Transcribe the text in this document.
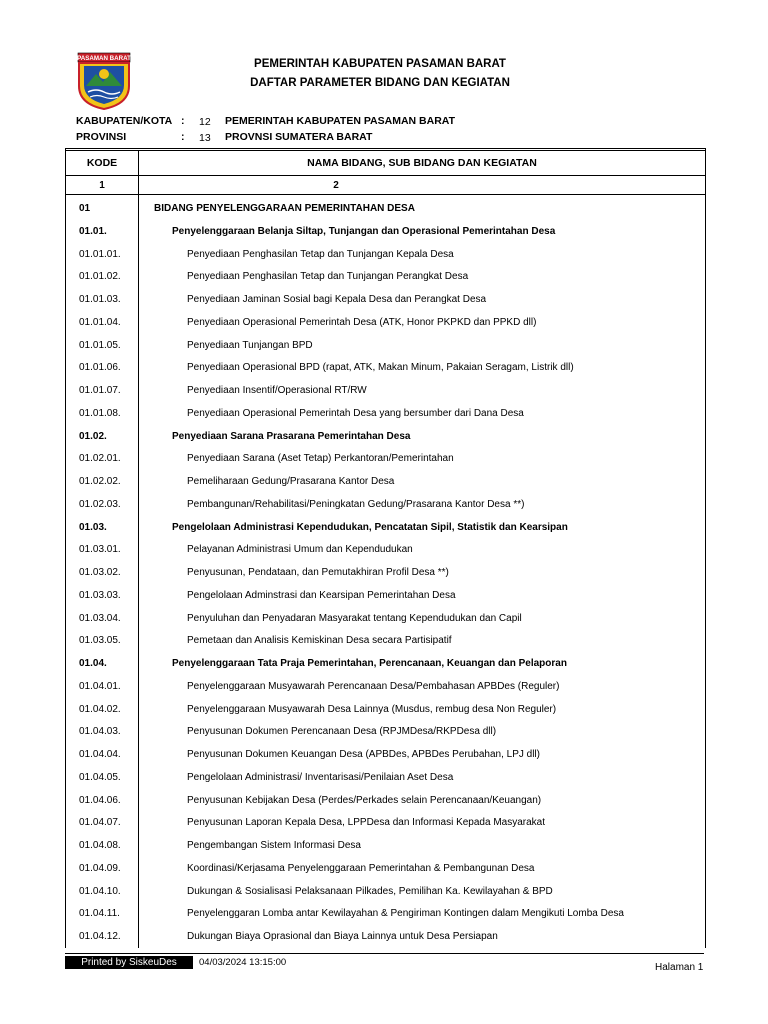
PASAMAN BARAT	PEMERINTAH KABUPATEN PASAMAN BARAT
DAFTAR PARAMETER BIDANG DAN KEGIATAN
KABUPATEN/KOTA : 12 PEMERINTAH KABUPATEN PASAMAN BARAT
PROVINSI	: 13 PROVNSI SUMATERA BARAT
KODE	NAMA BIDANG, SUB BIDANG DAN KEGIATAN
1	2
01	BIDANG PENYELENGGARAAN PEMERINTAHAN DESA
01.01.	Penyelenggaraan Belanja Siltap, Tunjangan dan Operasional Pemerintahan Desa
01.01.01.	Penyediaan Penghasilan Tetap dan Tunjangan Kepala Desa
01.01.02.	Penyediaan Penghasilan Tetap dan Tunjangan Perangkat Desa
01.01.03.	Penyediaan Jaminan Sosial bagi Kepala Desa dan Perangkat Desa
01.01.04.	Penyediaan Operasional Pemerintah Desa (ATK, Honor PKPKD dan PPKD dll)
01.01.05.	Penyediaan Tunjangan BPD
01.01.06.	Penyediaan Operasional BPD (rapat, ATK, Makan Minum, Pakaian Seragam, Listrik dll)
01.01.07.	Penyediaan Insentif/Operasional RT/RW
01.01.08.	Penyediaan Operasional Pemerintah Desa yang bersumber dari Dana Desa
01.02.	Penyediaan Sarana Prasarana Pemerintahan Desa
01.02.01.	Penyediaan Sarana (Aset Tetap) Perkantoran/Pemerintahan
01.02.02.	Pemeliharaan Gedung/Prasarana Kantor Desa
01.02.03.	Pembangunan/Rehabilitasi/Peningkatan Gedung/Prasarana Kantor Desa **)
01.03.	Pengelolaan Administrasi Kependudukan, Pencatatan Sipil, Statistik dan Kearsipan
01.03.01.	Pelayanan Administrasi Umum dan Kependudukan
01.03.02.	Penyusunan, Pendataan, dan Pemutakhiran Profil Desa **)
01.03.03.	Pengelolaan Adminstrasi dan Kearsipan Pemerintahan Desa
01.03.04.	Penyuluhan dan Penyadaran Masyarakat tentang Kependudukan dan Capil
01.03.05.	Pemetaan dan Analisis Kemiskinan Desa secara Partisipatif
01.04.	Penyelenggaraan Tata Praja Pemerintahan, Perencanaan, Keuangan dan Pelaporan
01.04.01.	Penyelenggaraan Musyawarah Perencanaan Desa/Pembahasan APBDes (Reguler)
01.04.02.	Penyelenggaraan Musyawarah Desa Lainnya (Musdus, rembug desa Non Reguler)
01.04.03.	Penyusunan Dokumen Perencanaan Desa (RPJMDesa/RKPDesa dll)
01.04.04.	Penyusunan Dokumen Keuangan Desa (APBDes, APBDes Perubahan, LPJ dll)
01.04.05.	Pengelolaan Administrasi/ Inventarisasi/Penilaian Aset Desa
01.04.06.	Penyusunan Kebijakan Desa (Perdes/Perkades selain Perencanaan/Keuangan)
01.04.07.	Penyusunan Laporan Kepala Desa, LPPDesa dan Informasi Kepada Masyarakat
01.04.08.	Pengembangan Sistem Informasi Desa
01.04.09.	Koordinasi/Kerjasama Penyelenggaraan Pemerintahan & Pembangunan Desa
01.04.10.	Dukungan & Sosialisasi Pelaksanaan Pilkades, Pemilihan Ka. Kewilayahan & BPD
01.04.11.	Penyelenggaran Lomba antar Kewilayahan & Pengiriman Kontingen dalam Mengikuti Lomba Desa
01.04.12.	Dukungan Biaya Oprasional dan Biaya Lainnya untuk Desa Persiapan
Printed by SiskeuDes	04/03/2024 13:15:00	Halaman 1
